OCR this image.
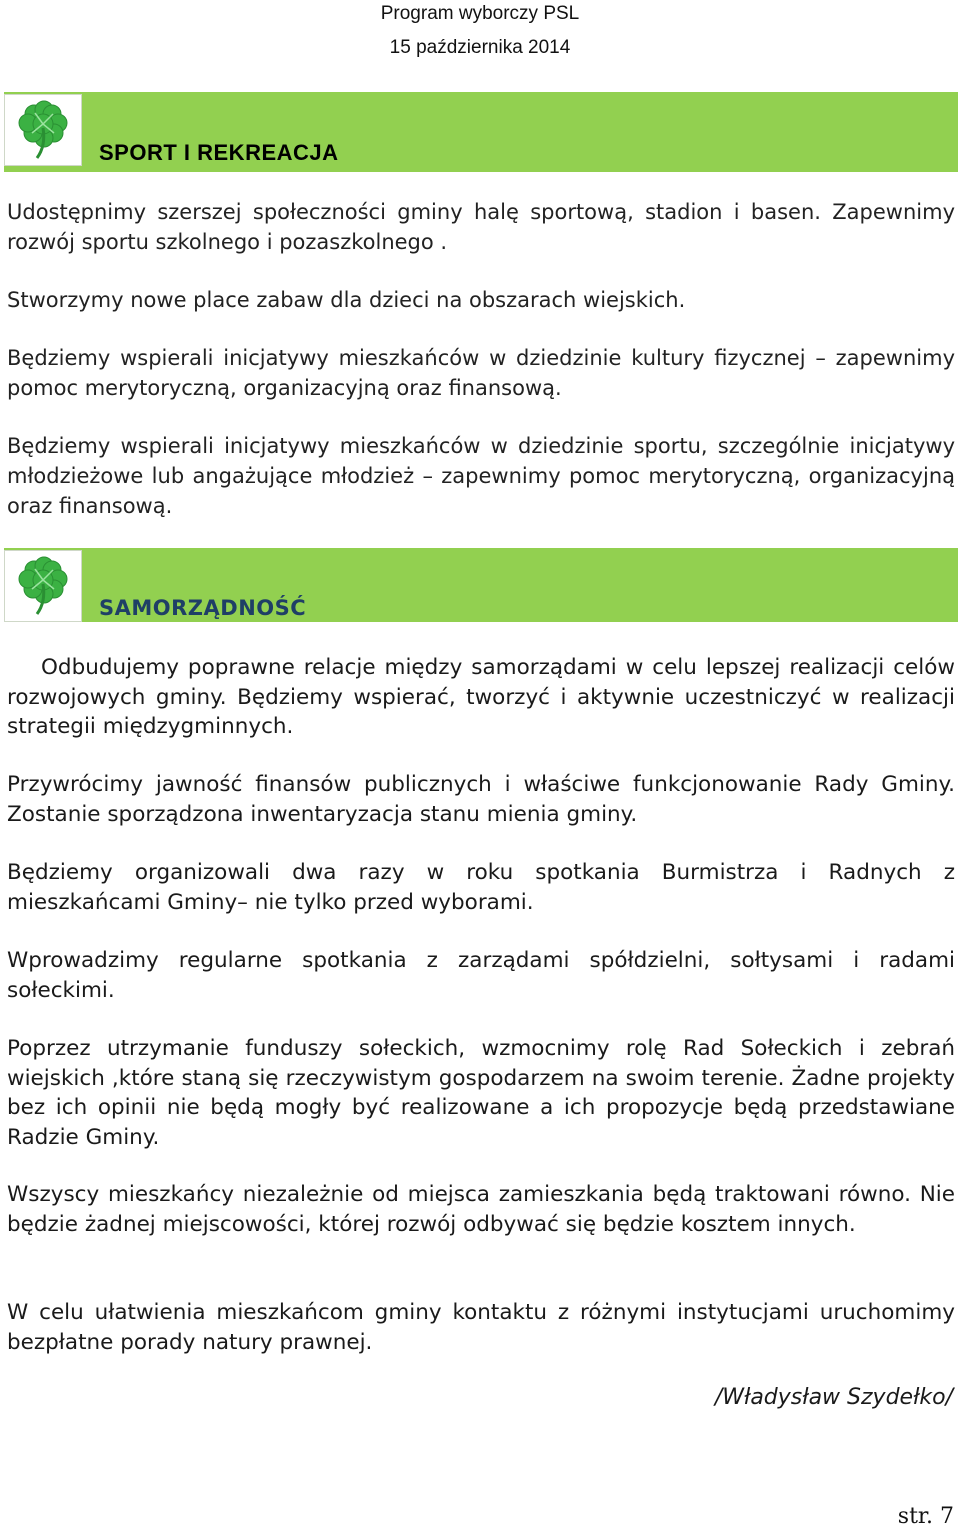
Program wyborczy PSL
15 października 2014
SPORT I REKREACJA
Udostępnimy szerszej społeczności gminy halę sportową, stadion i basen. Zapewnimy rozwój sportu szkolnego i pozaszkolnego .
Stworzymy nowe place zabaw dla dzieci na obszarach wiejskich.
Będziemy wspierali inicjatywy mieszkańców w dziedzinie kultury fizycznej – zapewnimy pomoc merytoryczną, organizacyjną oraz finansową.
Będziemy wspierali inicjatywy mieszkańców w dziedzinie sportu, szczególnie inicjatywy młodzieżowe lub angażujące młodzież – zapewnimy pomoc merytoryczną, organizacyjną oraz finansową.
SAMORZĄDNOŚĆ
Odbudujemy poprawne relacje między samorządami w celu lepszej realizacji celów rozwojowych gminy. Będziemy wspierać, tworzyć i aktywnie uczestniczyć w realizacji strategii międzygminnych.
Przywrócimy jawność finansów publicznych i właściwe funkcjonowanie Rady Gminy. Zostanie sporządzona inwentaryzacja stanu mienia gminy.
Będziemy organizowali dwa razy w roku spotkania Burmistrza i Radnych z mieszkańcami Gminy– nie tylko przed wyborami.
Wprowadzimy regularne spotkania z zarządami spółdzielni, sołtysami i radami sołeckimi.
Poprzez utrzymanie funduszy sołeckich, wzmocnimy rolę Rad Sołeckich i zebrań wiejskich ,które staną się rzeczywistym gospodarzem na swoim terenie. Żadne projekty bez ich opinii nie będą mogły być realizowane a ich propozycje będą przedstawiane Radzie Gminy.
Wszyscy mieszkańcy niezależnie od miejsca zamieszkania będą traktowani równo. Nie będzie żadnej miejscowości, której rozwój odbywać się będzie kosztem innych.
W celu ułatwienia mieszkańcom gminy kontaktu z różnymi instytucjami uruchomimy bezpłatne porady natury prawnej.
/Władysław Szydełko/
str. 7
